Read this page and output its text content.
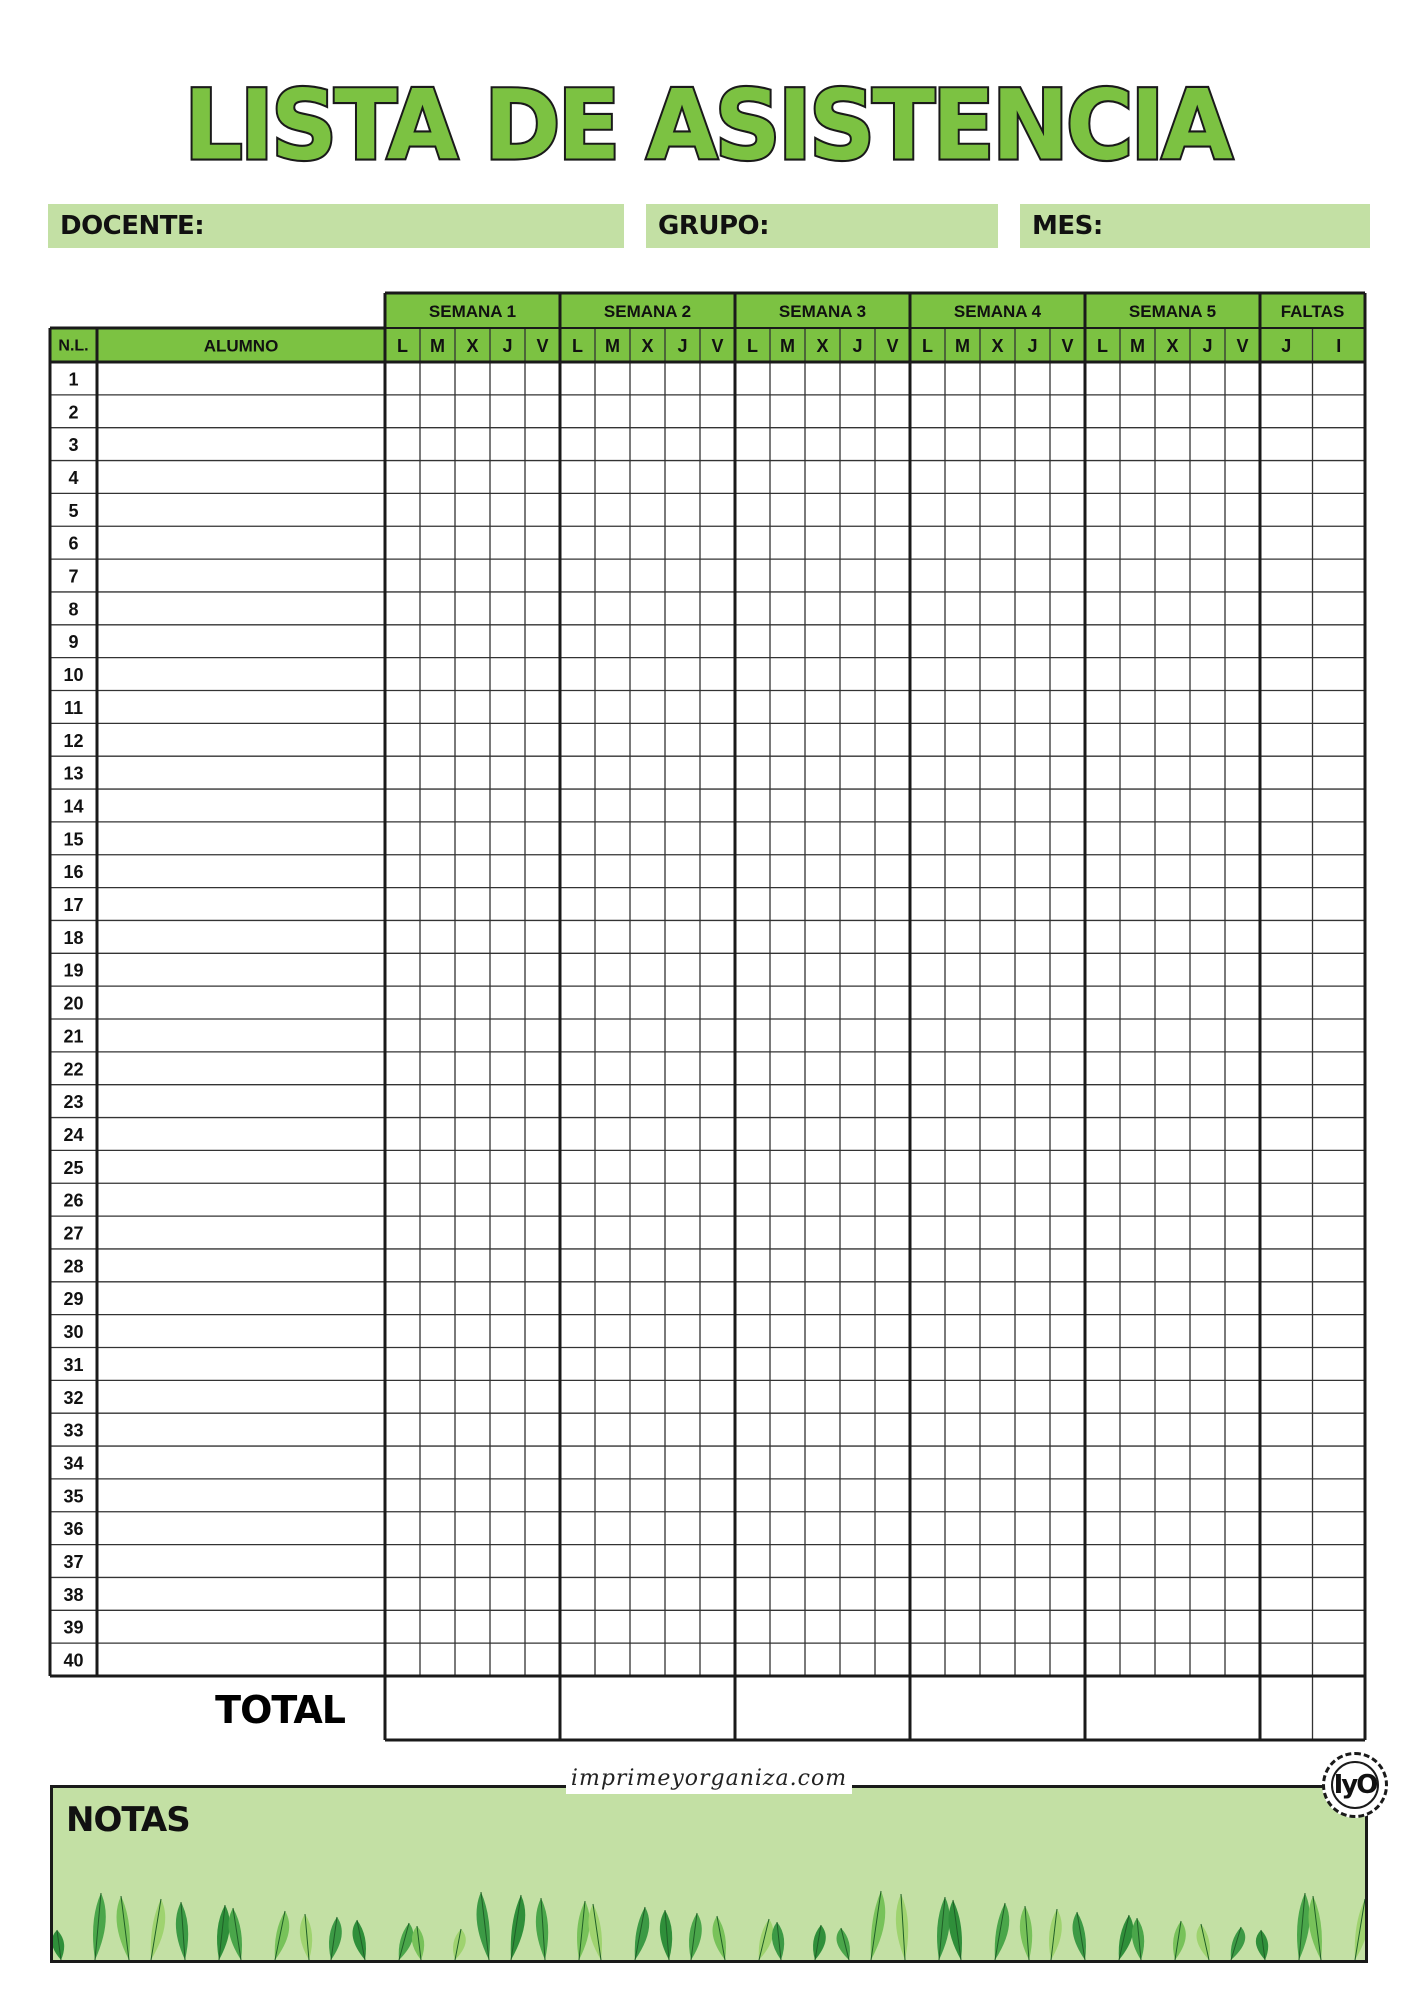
LISTA DE ASISTENCIA
DOCENTE:	GRUPO:	MES:
SEMANA 1	SEMANA 2	SEMANA 3	SEMANA 4	SEMANA 5	FALTAS
N.L.	ALUMNO	L M X J V L M X J V L M X J V L M X J V L M X J V J I
1
2
3
4
5
6
7
8
9
10
11
12
13
14
15
16
17
18
19
20
21
22
23
24
25
26
27
28
29
30
31
32
33
34
35
36
37
38
39
40
TOTAL
NOTAS
imprimeyorganiza.com	IyO
